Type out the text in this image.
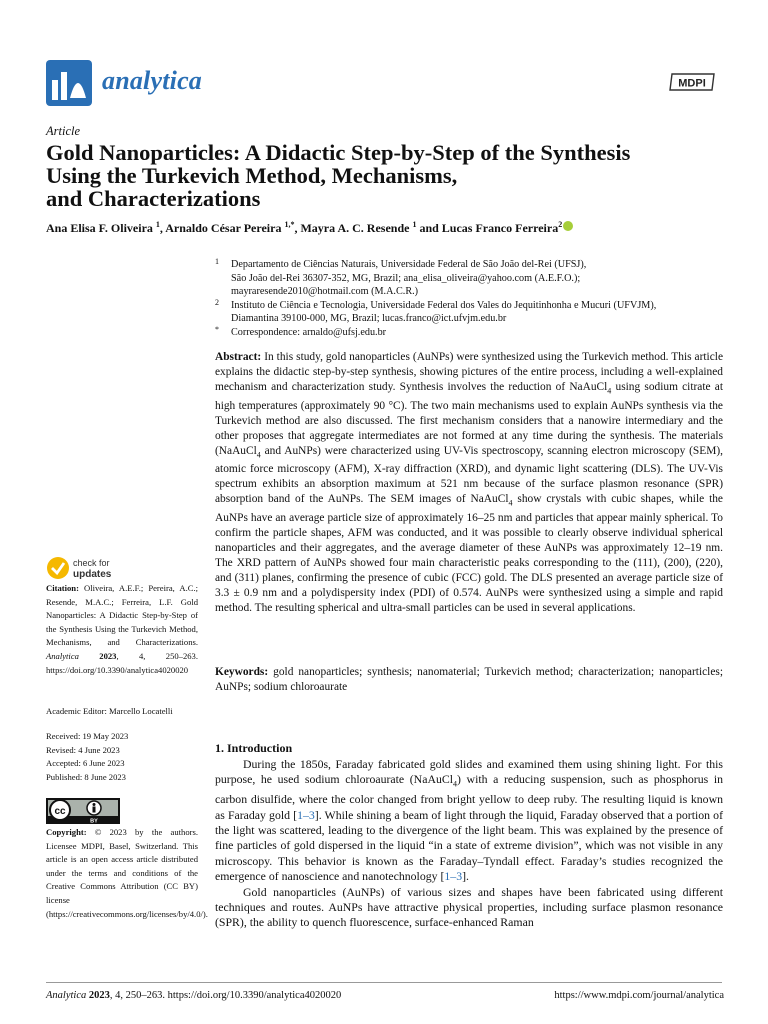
analytica	MDPI
Article
Gold Nanoparticles: A Didactic Step-by-Step of the Synthesis
Using the Turkevich Method, Mechanisms,
and Characterizations
Ana Elisa F. Oliveira $^1$, Arnaldo César Pereira $^{1,*}$, Mayra A. C. Resende $^1$ and Lucas Franco Ferreira$^2$
1 Departamento de Ciências Naturais, Universidade Federal de São João del-Rei (UFSJ),
São João del-Rei 36307-352, MG, Brazil; ana_elisa_oliveira@yahoo.com (A.E.F.O.);
mayraresende2010@hotmail.com (M.A.C.R.)
2 Instituto de Ciência e Tecnologia, Universidade Federal dos Vales do Jequitinhonha e Mucuri (UFVJM),
Diamantina 39100-000, MG, Brazil; lucas.franco@ict.ufvjm.edu.br
* Correspondence: arnaldo@ufsj.edu.br

Abstract: In this study, gold nanoparticles (AuNPs) were synthesized using the Turkevich method. This article explains the didactic step-by-step synthesis, showing pictures of the entire process, including a well-explained mechanism and characterization study. Synthesis involves the reduction of NaAuCl$_4$ using sodium citrate at high temperatures (approximately 90 °C). The two main mechanisms used to explain AuNPs synthesis via the Turkevich method are also discussed. The first mechanism considers that a nanowire intermediary and the other proposes that aggregate intermediates are not formed at any time during the synthesis. The materials (NaAuCl$_4$ and AuNPs) were characterized using UV-Vis spectroscopy, scanning electron microscopy (SEM), atomic force microscopy (AFM), X-ray diffraction (XRD), and dynamic light scattering (DLS). The UV-Vis spectrum exhibits an absorption maximum at 521 nm because of the surface plasmon resonance (SPR) absorption band of the AuNPs. The SEM images of NaAuCl$_4$ show crystals with cubic shapes, while the AuNPs have an average particle size of approximately 16–25 nm and particles that appear mainly spherical. To confirm the particle shapes, AFM was conducted, and it was possible to clearly observe individual spherical nanoparticles and their aggregates, and the average diameter of these AuNPs was approximately 12–19 nm. The XRD pattern of AuNPs showed four main characteristic peaks corresponding to the (111), (200), (220), and (311) planes, confirming the presence of cubic (FCC) gold. The DLS presented an average particle size of 3.3 ± 0.9 nm and a polydispersity index (PDI) of 0.574. AuNPs were synthesized using a simple and rapid method. The resulting spherical and ultra-small particles can be used in several applications.

Keywords: gold nanoparticles; synthesis; nanomaterial; Turkevich method; characterization; nanoparticles; AuNPs; sodium chloroaurate
1. Introduction

During the 1850s, Faraday fabricated gold slides and examined them using shining light. For this purpose, he used sodium chloroaurate (NaAuCl$_4$) with a reducing suspension, such as phosphorus in carbon disulfide, where the color changed from bright yellow to deep ruby. The resulting liquid is known as Faraday gold [1–3]. While shining a beam of light through the liquid, Faraday observed that a portion of the light was scattered, leading to the divergence of the light beam. This was explained by the presence of fine particles of gold dispersed in the liquid “in a state of extreme division”, which was not visible in any microscopy. This behavior is known as the Faraday–Tyndall effect. Faraday’s studies recognized the emergence of nanoscience and nanotechnology [1–3].

Gold nanoparticles (AuNPs) of various sizes and shapes have been fabricated using different techniques and routes. AuNPs have attractive physical properties, including surface plasmon resonance (SPR), the ability to quench fluorescence, surface-enhanced Raman

check for
updates
Citation: Oliveira, A.E.F.; Pereira, A.C.; Resende, M.A.C.; Ferreira, L.F. Gold Nanoparticles: A Didactic Step-by-Step of the Synthesis Using the Turkevich Method, Mechanisms, and Characterizations. Analytica 2023, 4, 250–263. https://doi.org/10.3390/analytica4020020
Academic Editor: Marcello Locatelli
Received: 19 May 2023
Revised: 4 June 2023
Accepted: 6 June 2023
Published: 8 June 2023
cc
BY
Copyright: © 2023 by the authors. Licensee MDPI, Basel, Switzerland. This article is an open access article distributed under the terms and conditions of the Creative Commons Attribution (CC BY) license (https://creativecommons.org/licenses/by/4.0/).
Analytica 2023, 4, 250–263. https://doi.org/10.3390/analytica4020020	https://www.mdpi.com/journal/analytica
